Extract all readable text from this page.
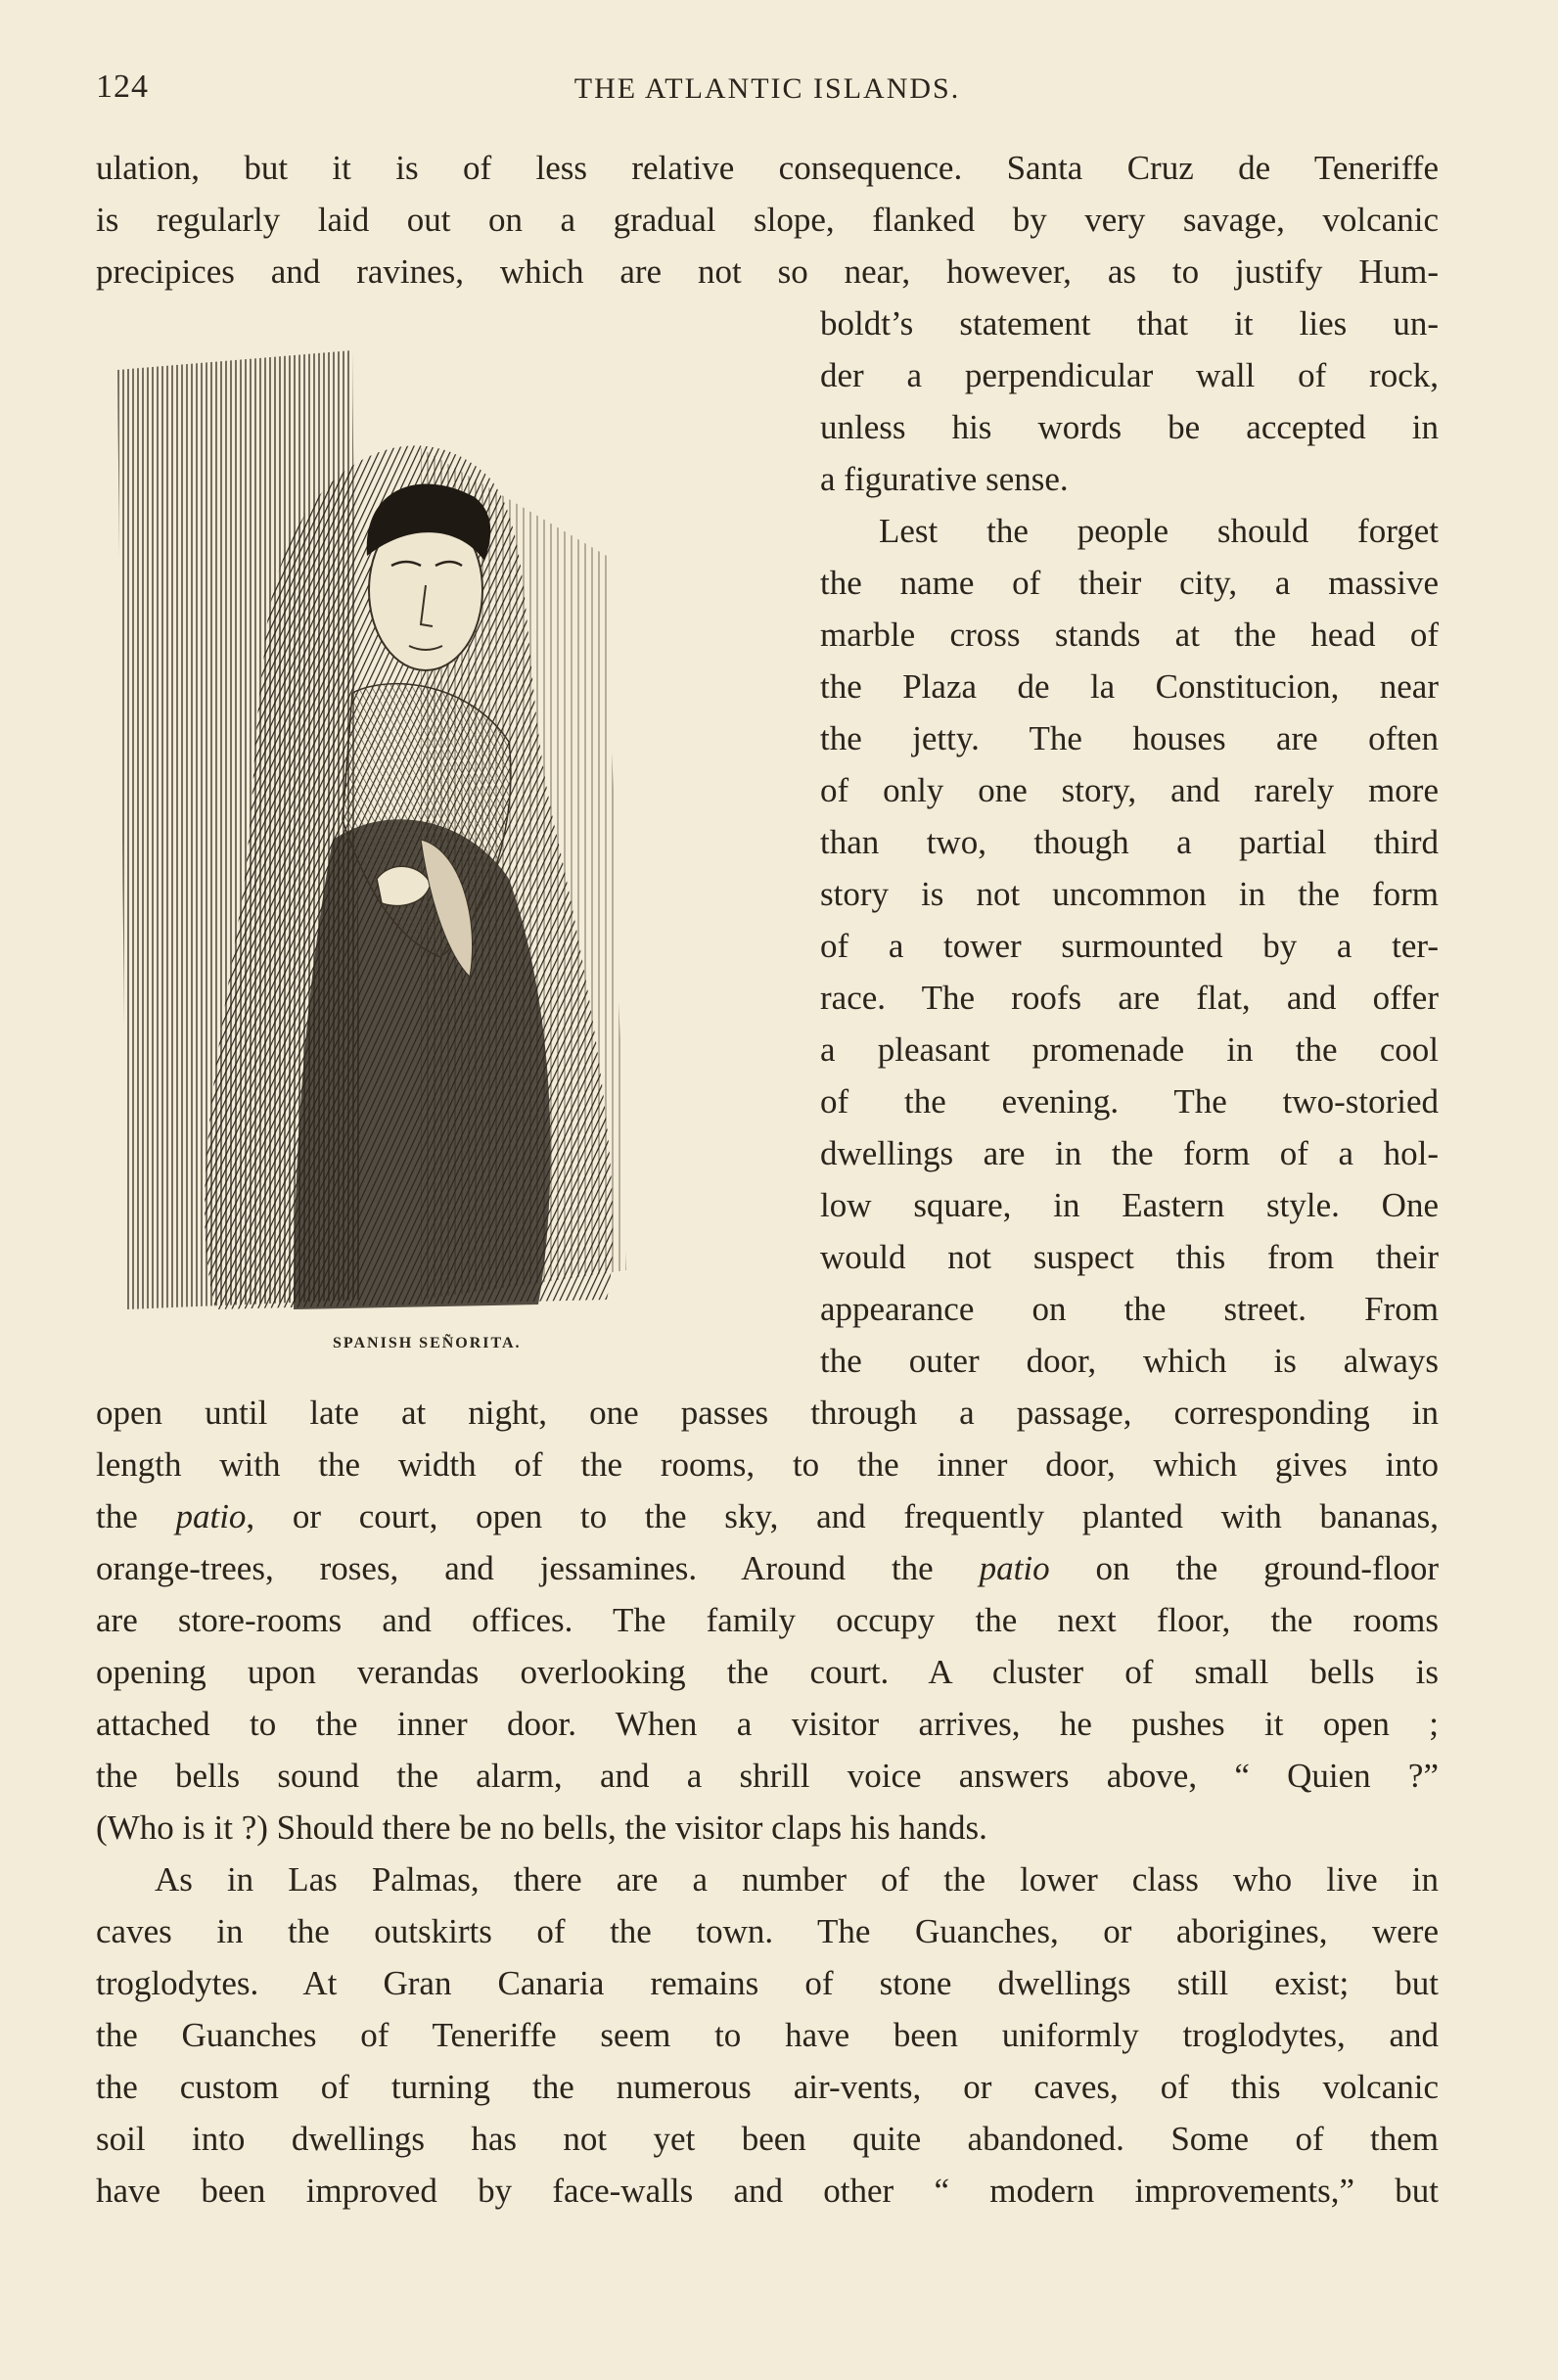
124	THE ATLANTIC ISLANDS.
ulation, but it is of less relative consequence. Santa Cruz de Teneriffe
is regularly laid out on a gradual slope, flanked by very savage, volcanic
precipices and ravines, which are not so near, however, as to justify Hum-
boldt’s statement that it lies un-
der a perpendicular wall of rock,
unless his words be accepted in
a figurative sense.
Lest the people should forget
the name of their city, a massive
marble cross stands at the head of
the Plaza de la Constitucion, near
the jetty. The houses are often
of only one story, and rarely more
than two, though a partial third
story is not uncommon in the form
of a tower surmounted by a ter-
race. The roofs are flat, and offer
a pleasant promenade in the cool
of the evening. The two-storied
dwellings are in the form of a hol-
low square, in Eastern style. One
would not suspect this from their
appearance on the street. From
the outer door, which is always
SPANISH SEÑORITA.
open until late at night, one passes through a passage, corresponding in
length with the width of the rooms, to the inner door, which gives into
the patio, or court, open to the sky, and frequently planted with bananas,
orange-trees, roses, and jessamines. Around the patio on the ground-floor
are store-rooms and offices. The family occupy the next floor, the rooms
opening upon verandas overlooking the court. A cluster of small bells is
attached to the inner door. When a visitor arrives, he pushes it open ;
the bells sound the alarm, and a shrill voice answers above, “ Quien ?”
(Who is it ?) Should there be no bells, the visitor claps his hands.
As in Las Palmas, there are a number of the lower class who live in
caves in the outskirts of the town. The Guanches, or aborigines, were
troglodytes. At Gran Canaria remains of stone dwellings still exist; but
the Guanches of Teneriffe seem to have been uniformly troglodytes, and
the custom of turning the numerous air-vents, or caves, of this volcanic
soil into dwellings has not yet been quite abandoned. Some of them
have been improved by face-walls and other “ modern improvements,” but
